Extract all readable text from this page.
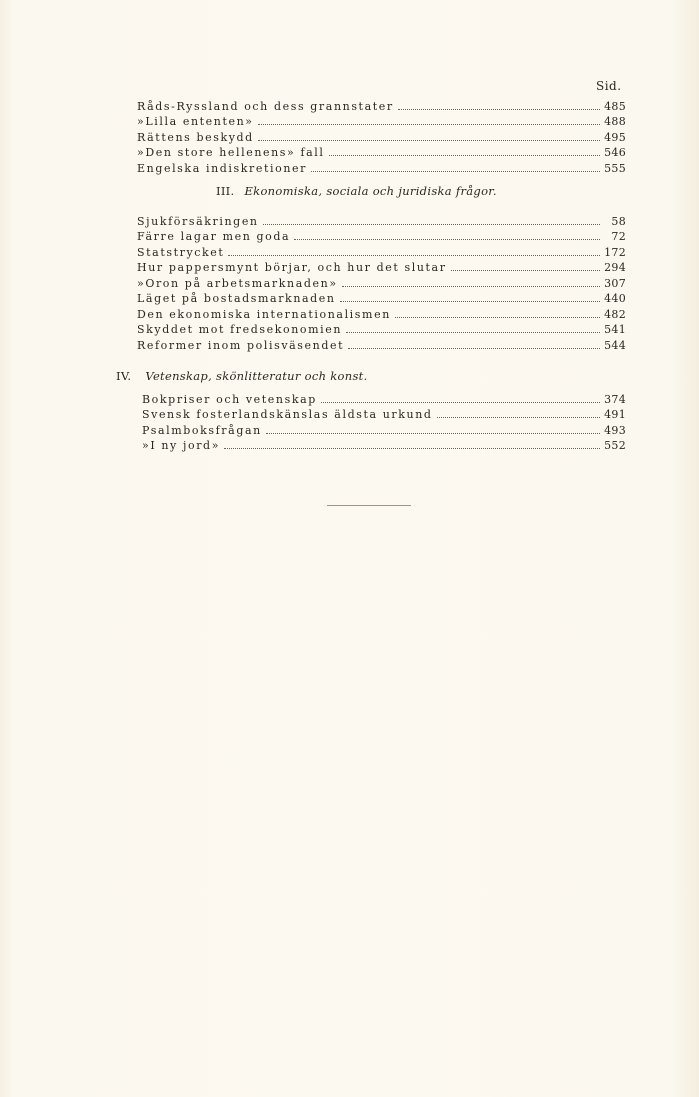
Sid.
Råds-Ryssland och dess grannstater	485
»Lilla ententen»	488
Rättens beskydd	495
»Den store hellenens» fall	546
Engelska indiskretioner	555
III. Ekonomiska, sociala och juridiska frågor.
Sjukförsäkringen	58
Färre lagar men goda	72
Statstrycket	172
Hur pappersmynt börjar, och hur det slutar	294
»Oron på arbetsmarknaden»	307
Läget på bostadsmarknaden	440
Den ekonomiska internationalismen	482
Skyddet mot fredsekonomien	541
Reformer inom polisväsendet	544
IV. Vetenskap, skönlitteratur och konst.
Bokpriser och vetenskap	374
Svensk fosterlandskänslas äldsta urkund	491
Psalmboksfrågan	493
»I ny jord»	552
